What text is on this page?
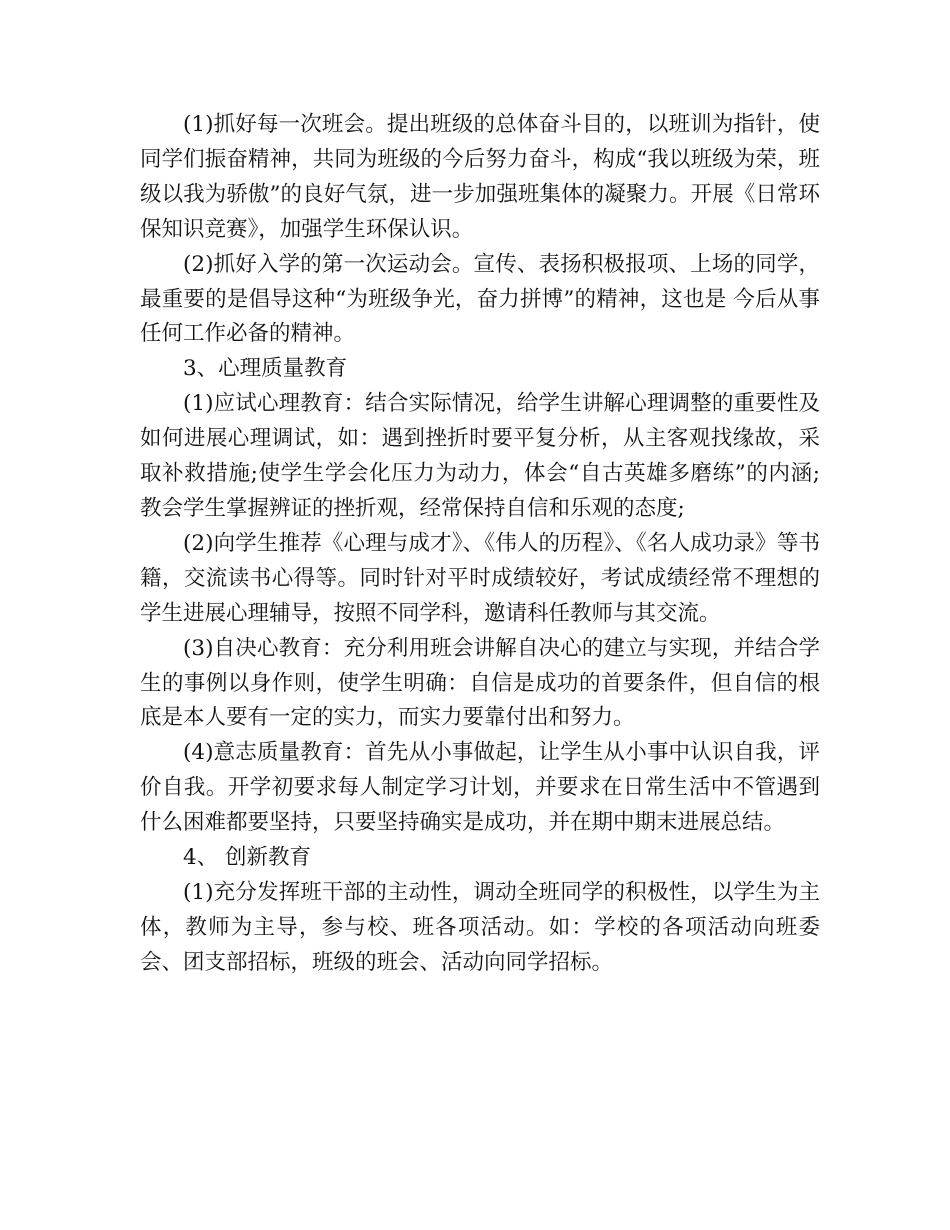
(1)抓好每一次班会。提出班级的总体奋斗目的，以班训为指针，使同学们振奋精神，共同为班级的今后努力奋斗，构成“我以班级为荣，班级以我为骄傲”的良好气氛，进一步加强班集体的凝聚力。开展《日常环保知识竞赛》，加强学生环保认识。

(2)抓好入学的第一次运动会。宣传、表扬积极报项、上场的同学，最重要的是倡导这种“为班级争光，奋力拼博”的精神，这也是 今后从事任何工作必备的精神。

3、心理质量教育

(1)应试心理教育：结合实际情况，给学生讲解心理调整的重要性及如何进展心理调试，如：遇到挫折时要平复分析，从主客观找缘故，采取补救措施;使学生学会化压力为动力，体会“自古英雄多磨练”的内涵;教会学生掌握辨证的挫折观，经常保持自信和乐观的态度;

(2)向学生推荐《心理与成才》、《伟人的历程》、《名人成功录》等书籍，交流读书心得等。同时针对平时成绩较好，考试成绩经常不理想的学生进展心理辅导，按照不同学科，邀请科任教师与其交流。

(3)自决心教育：充分利用班会讲解自决心的建立与实现，并结合学生的事例以身作则，使学生明确：自信是成功的首要条件，但自信的根底是本人要有一定的实力，而实力要靠付出和努力。

(4)意志质量教育：首先从小事做起，让学生从小事中认识自我，评价自我。开学初要求每人制定学习计划，并要求在日常生活中不管遇到什么困难都要坚持，只要坚持确实是成功，并在期中期末进展总结。

4、 创新教育

(1)充分发挥班干部的主动性，调动全班同学的积极性，以学生为主体，教师为主导，参与校、班各项活动。如：学校的各项活动向班委会、团支部招标，班级的班会、活动向同学招标。
